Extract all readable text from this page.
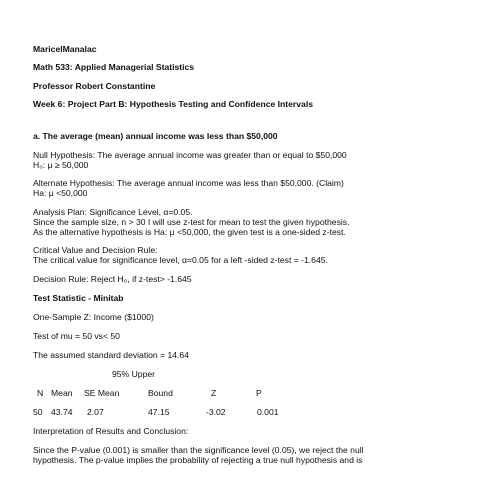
MaricelManalac
Math 533: Applied Managerial Statistics
Professor Robert Constantine
Week 6: Project Part B: Hypothesis Testing and Confidence Intervals
a. The average (mean) annual income was less than $50,000
Null Hypothesis: The average annual income was greater than or equal to $50,000
H₀: μ ≥ 50,000
Alternate Hypothesis: The average annual income was less than $50,000. (Claim)
Ha: μ <50,000
Analysis Plan: Significance Level, α=0.05.
Since the sample size, n > 30 I will use z-test for mean to test the given hypothesis.
As the alternative hypothesis is Ha: μ <50,000, the given test is a one-sided z-test.
Critical Value and Decision Rule:
The critical value for significance level, α=0.05 for a left -sided z-test = -1.645.
Decision Rule: Reject H₀, if z-test> -1.645
Test Statistic - Minitab
One-Sample Z: Income ($1000)
Test of mu = 50 vs< 50
The assumed standard deviation = 14.64
95% Upper
N Mean SE Mean	Bound	Z	P
50 43.74 2.07	47.15	-3.02	0.001
Interpretation of Results and Conclusion:
Since the P-value (0.001) is smaller than the significance level (0.05), we reject the null
hypothesis. The p-value implies the probability of rejecting a true null hypothesis and is
